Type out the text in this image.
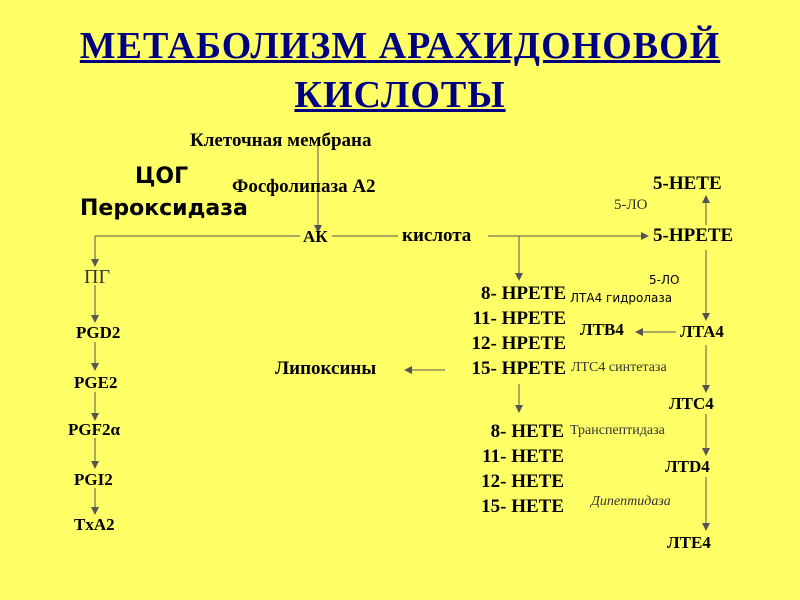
МЕТАБОЛИЗМ АРАХИДОНОВОЙ
КИСЛОТЫ
Клеточная мембрана
Фосфолипаза А2
ЦОГ
Пероксидаза
АК	кислота
ПГ
PGD2
PGE2
PGF2α
PGI2
TxA2
8- HPETE
11- HPETE
12- HPETE
15- HPETE
8- HETE
11- HETE
12- HETE
15- HETE
Липоксины
5-HETE
5-ЛО
5-HPETE
5-ЛО
ЛТА4 гидролаза
ЛТВ4	ЛТА4
ЛТС4 синтетаза
ЛТС4
Транспептидаза
ЛТD4
Дипептидаза
ЛТЕ4
